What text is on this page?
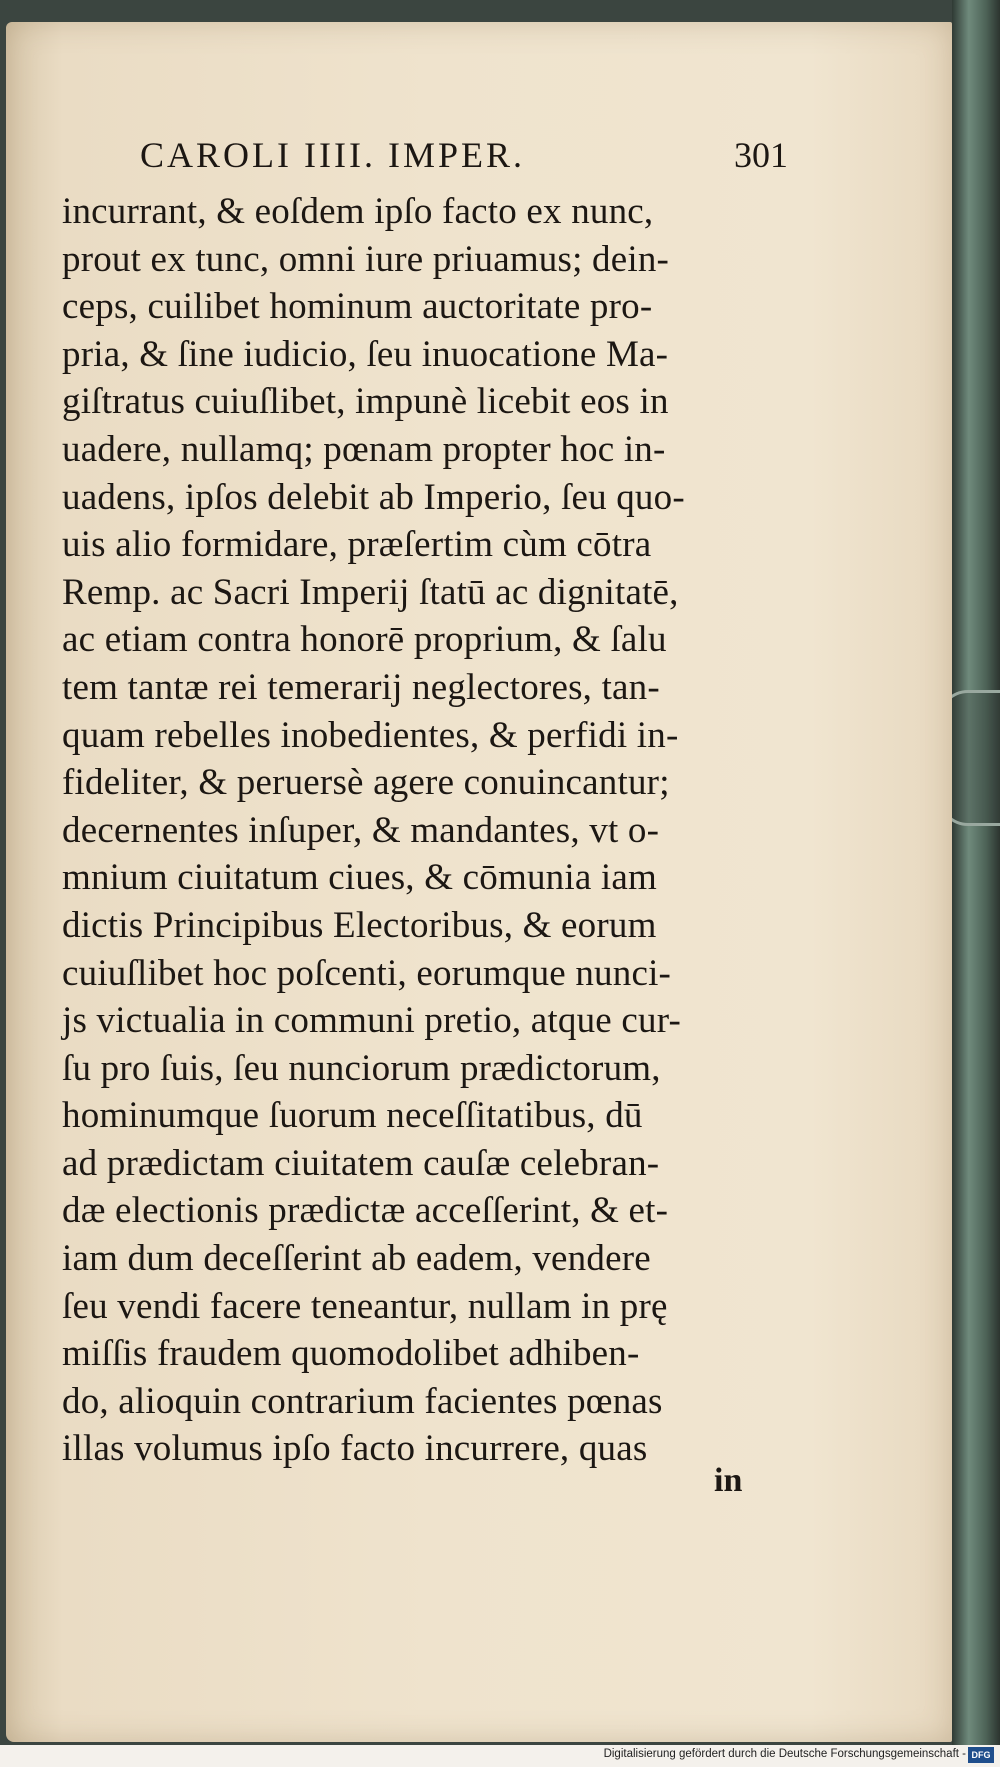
CAROLI IIII. IMPER.	301
incurrant, & eoſdem ipſo facto ex nunc,
prout ex tunc, omni iure priuamus; dein-
ceps, cuilibet hominum auctoritate pro-
pria, & ſine iudicio, ſeu inuocatione Ma-
giſtratus cuiuſlibet, impunè licebit eos in
uadere, nullamq; pœnam propter hoc in-
uadens, ipſos delebit ab Imperio, ſeu quo-
uis alio formidare, præſertim cùm cōtra
Remp. ac Sacri Imperij ſtatū ac dignitatē,
ac etiam contra honorē proprium, & ſalu
tem tantæ rei temerarij neglectores, tan-
quam rebelles inobedientes, & perfidi in-
fideliter, & peruersè agere conuincantur;
decernentes inſuper, & mandantes, vt o-
mnium ciuitatum ciues, & cōmunia iam
dictis Principibus Electoribus, & eorum
cuiuſlibet hoc poſcenti, eorumque nunci-
js victualia in communi pretio, atque cur-
ſu pro ſuis, ſeu nunciorum prædictorum,
hominumque ſuorum neceſſitatibus, dū
ad prædictam ciuitatem cauſæ celebran-
dæ electionis prædictæ acceſſerint, & et-
iam dum deceſſerint ab eadem, vendere
ſeu vendi facere teneantur, nullam in prę
miſſis fraudem quomodolibet adhiben-
do, alioquin contrarium facientes pœnas
illas volumus ipſo facto incurrere, quas
in
Digitalisierung gefördert durch die Deutsche Forschungsgemeinschaft - DFG
